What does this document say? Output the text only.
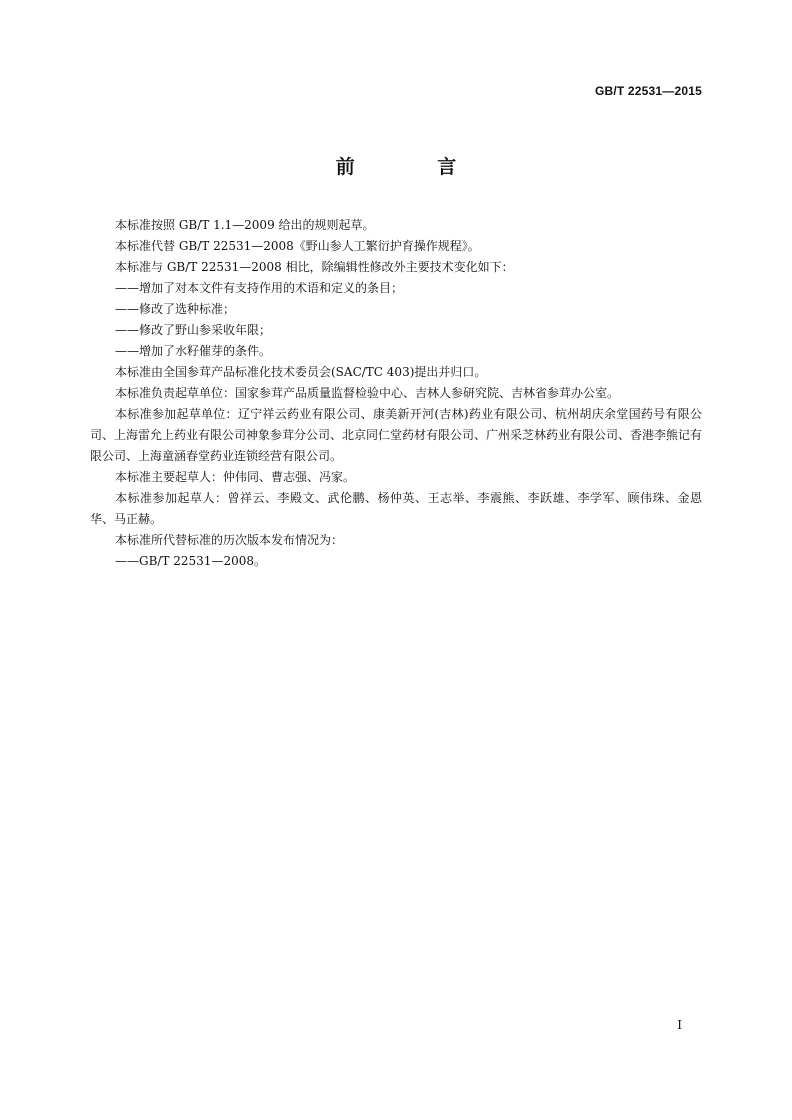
GB/T 22531—2015
前 言

本标准按照 GB/T 1.1—2009 给出的规则起草。

本标准代替 GB/T 22531—2008《野山参人工繁衍护育操作规程》。

本标准与 GB/T 22531—2008 相比，除编辑性修改外主要技术变化如下：

——增加了对本文件有支持作用的术语和定义的条目；

——修改了选种标准；

——修改了野山参采收年限；

——增加了水籽催芽的条件。

本标准由全国参茸产品标准化技术委员会(SAC/TC 403)提出并归口。

本标准负责起草单位：国家参茸产品质量监督检验中心、吉林人参研究院、吉林省参茸办公室。

本标准参加起草单位：辽宁祥云药业有限公司、康美新开河(吉林)药业有限公司、杭州胡庆余堂国药号有限公司、上海雷允上药业有限公司神象参茸分公司、北京同仁堂药材有限公司、广州采芝林药业有限公司、香港李熊记有限公司、上海童涵春堂药业连锁经营有限公司。

本标准主要起草人：仲伟同、曹志强、冯家。

本标准参加起草人：曾祥云、李殿文、武伦鹏、杨仲英、王志举、李震熊、李跃雄、李学军、顾伟珠、金恩华、马正赫。

本标准所代替标准的历次版本发布情况为：

——GB/T 22531—2008。

I
